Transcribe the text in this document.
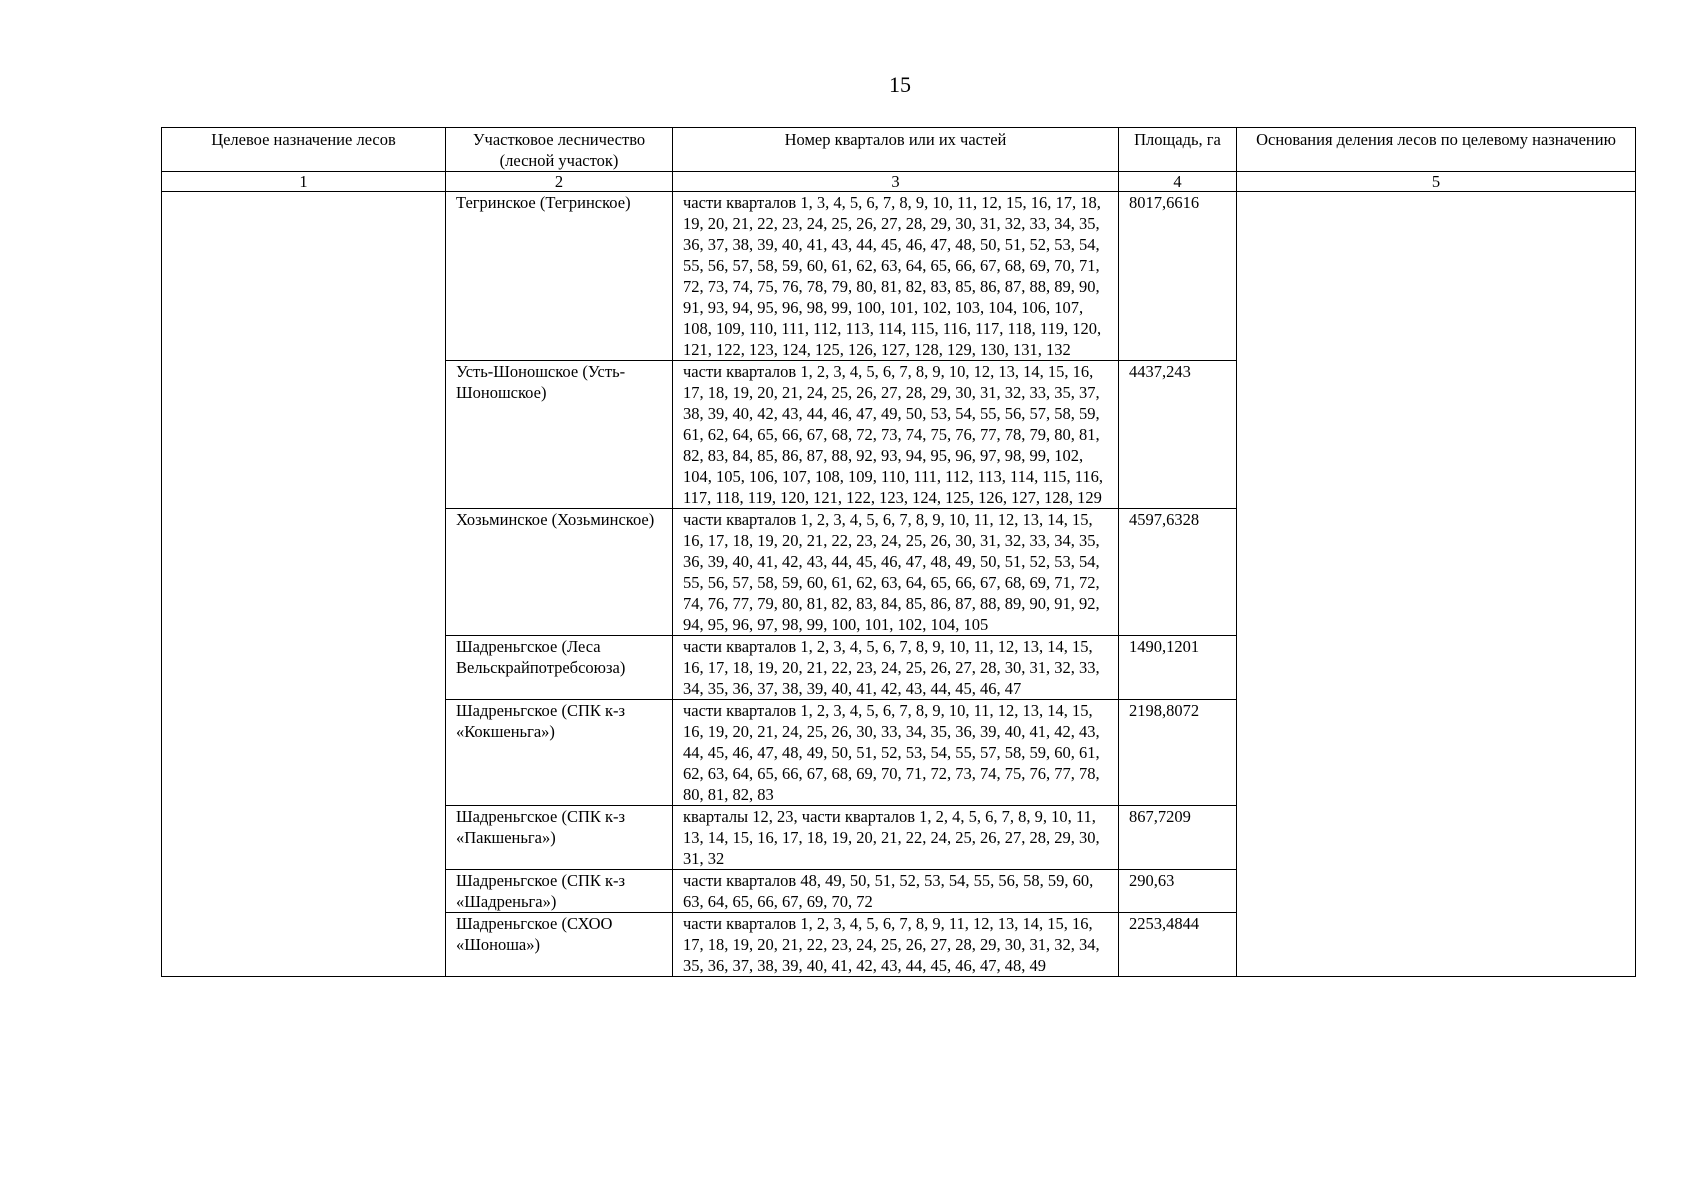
15
Целевое назначение лесов	Участковое лесничество (лесной участок)	Номер кварталов или их частей	Площадь, га	Основания деления лесов по целевому назначению
1	2	3	4	5
	Тегринское (Тегринское)	части кварталов 1, 3, 4, 5, 6, 7, 8, 9, 10, 11, 12, 15, 16, 17, 18, 19, 20, 21, 22, 23, 24, 25, 26, 27, 28, 29, 30, 31, 32, 33, 34, 35, 36, 37, 38, 39, 40, 41, 43, 44, 45, 46, 47, 48, 50, 51, 52, 53, 54, 55, 56, 57, 58, 59, 60, 61, 62, 63, 64, 65, 66, 67, 68, 69, 70, 71, 72, 73, 74, 75, 76, 78, 79, 80, 81, 82, 83, 85, 86, 87, 88, 89, 90, 91, 93, 94, 95, 96, 98, 99, 100, 101, 102, 103, 104, 106, 107, 108, 109, 110, 111, 112, 113, 114, 115, 116, 117, 118, 119, 120, 121, 122, 123, 124, 125, 126, 127, 128, 129, 130, 131, 132	8017,6616	
	Усть-Шоношское (Усть-Шоношское)	части кварталов 1, 2, 3, 4, 5, 6, 7, 8, 9, 10, 12, 13, 14, 15, 16, 17, 18, 19, 20, 21, 24, 25, 26, 27, 28, 29, 30, 31, 32, 33, 35, 37, 38, 39, 40, 42, 43, 44, 46, 47, 49, 50, 53, 54, 55, 56, 57, 58, 59, 61, 62, 64, 65, 66, 67, 68, 72, 73, 74, 75, 76, 77, 78, 79, 80, 81, 82, 83, 84, 85, 86, 87, 88, 92, 93, 94, 95, 96, 97, 98, 99, 102, 104, 105, 106, 107, 108, 109, 110, 111, 112, 113, 114, 115, 116, 117, 118, 119, 120, 121, 122, 123, 124, 125, 126, 127, 128, 129	4437,243	
	Хозьминское (Хозьминское)	части кварталов 1, 2, 3, 4, 5, 6, 7, 8, 9, 10, 11, 12, 13, 14, 15, 16, 17, 18, 19, 20, 21, 22, 23, 24, 25, 26, 30, 31, 32, 33, 34, 35, 36, 39, 40, 41, 42, 43, 44, 45, 46, 47, 48, 49, 50, 51, 52, 53, 54, 55, 56, 57, 58, 59, 60, 61, 62, 63, 64, 65, 66, 67, 68, 69, 71, 72, 74, 76, 77, 79, 80, 81, 82, 83, 84, 85, 86, 87, 88, 89, 90, 91, 92, 94, 95, 96, 97, 98, 99, 100, 101, 102, 104, 105	4597,6328	
	Шадреньгское (Леса Вельскрайпотребсоюза)	части кварталов 1, 2, 3, 4, 5, 6, 7, 8, 9, 10, 11, 12, 13, 14, 15, 16, 17, 18, 19, 20, 21, 22, 23, 24, 25, 26, 27, 28, 30, 31, 32, 33, 34, 35, 36, 37, 38, 39, 40, 41, 42, 43, 44, 45, 46, 47	1490,1201	
	Шадреньгское (СПК к-з «Кокшеньга»)	части кварталов 1, 2, 3, 4, 5, 6, 7, 8, 9, 10, 11, 12, 13, 14, 15, 16, 19, 20, 21, 24, 25, 26, 30, 33, 34, 35, 36, 39, 40, 41, 42, 43, 44, 45, 46, 47, 48, 49, 50, 51, 52, 53, 54, 55, 57, 58, 59, 60, 61, 62, 63, 64, 65, 66, 67, 68, 69, 70, 71, 72, 73, 74, 75, 76, 77, 78, 80, 81, 82, 83	2198,8072	
	Шадреньгское (СПК к-з «Пакшеньга»)	кварталы 12, 23, части кварталов 1, 2, 4, 5, 6, 7, 8, 9, 10, 11, 13, 14, 15, 16, 17, 18, 19, 20, 21, 22, 24, 25, 26, 27, 28, 29, 30, 31, 32	867,7209	
	Шадреньгское (СПК к-з «Шадреньга»)	части кварталов 48, 49, 50, 51, 52, 53, 54, 55, 56, 58, 59, 60, 63, 64, 65, 66, 67, 69, 70, 72	290,63	
	Шадреньгское (СХОО «Шоноша»)	части кварталов 1, 2, 3, 4, 5, 6, 7, 8, 9, 11, 12, 13, 14, 15, 16, 17, 18, 19, 20, 21, 22, 23, 24, 25, 26, 27, 28, 29, 30, 31, 32, 34, 35, 36, 37, 38, 39, 40, 41, 42, 43, 44, 45, 46, 47, 48, 49	2253,4844	
